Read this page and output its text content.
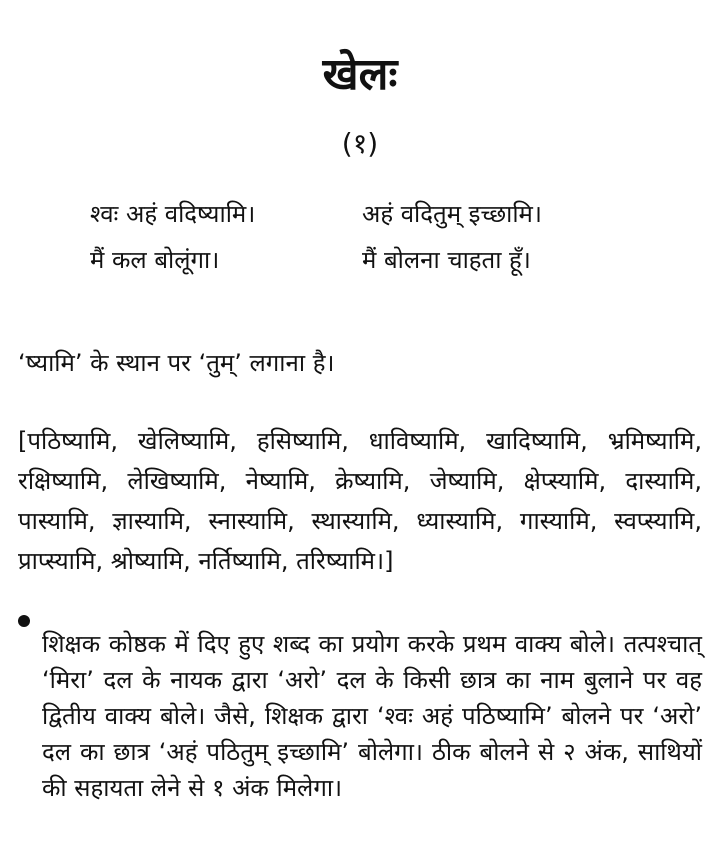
खेलः
(१)
श्वः अहं वदिष्यामि।	अहं वदितुम् इच्छामि।
मैं कल बोलूंगा।	मैं बोलना चाहता हूँ।

‘ष्यामि’ के स्थान पर ‘तुम्’ लगाना है।

[पठिष्यामि, खेलिष्यामि, हसिष्यामि, धाविष्यामि, खादिष्यामि, भ्रमिष्यामि, रक्षिष्यामि, लेखिष्यामि, नेष्यामि, क्रेष्यामि, जेष्यामि, क्षेप्स्यामि, दास्यामि, पास्यामि, ज्ञास्यामि, स्नास्यामि, स्थास्यामि, ध्यास्यामि, गास्यामि, स्वप्स्यामि, प्राप्स्यामि, श्रोष्यामि, नर्तिष्यामि, तरिष्यामि।]

शिक्षक कोष्ठक में दिए हुए शब्द का प्रयोग करके प्रथम वाक्य बोले। तत्पश्चात् ‘मिरा’ दल के नायक द्वारा ‘अरो’ दल के किसी छात्र का नाम बुलाने पर वह द्वितीय वाक्य बोले। जैसे, शिक्षक द्वारा ‘श्वः अहं पठिष्यामि’ बोलने पर ‘अरो’ दल का छात्र ‘अहं पठितुम् इच्छामि’ बोलेगा। ठीक बोलने से २ अंक, साथियों की सहायता लेने से १ अंक मिलेगा।
